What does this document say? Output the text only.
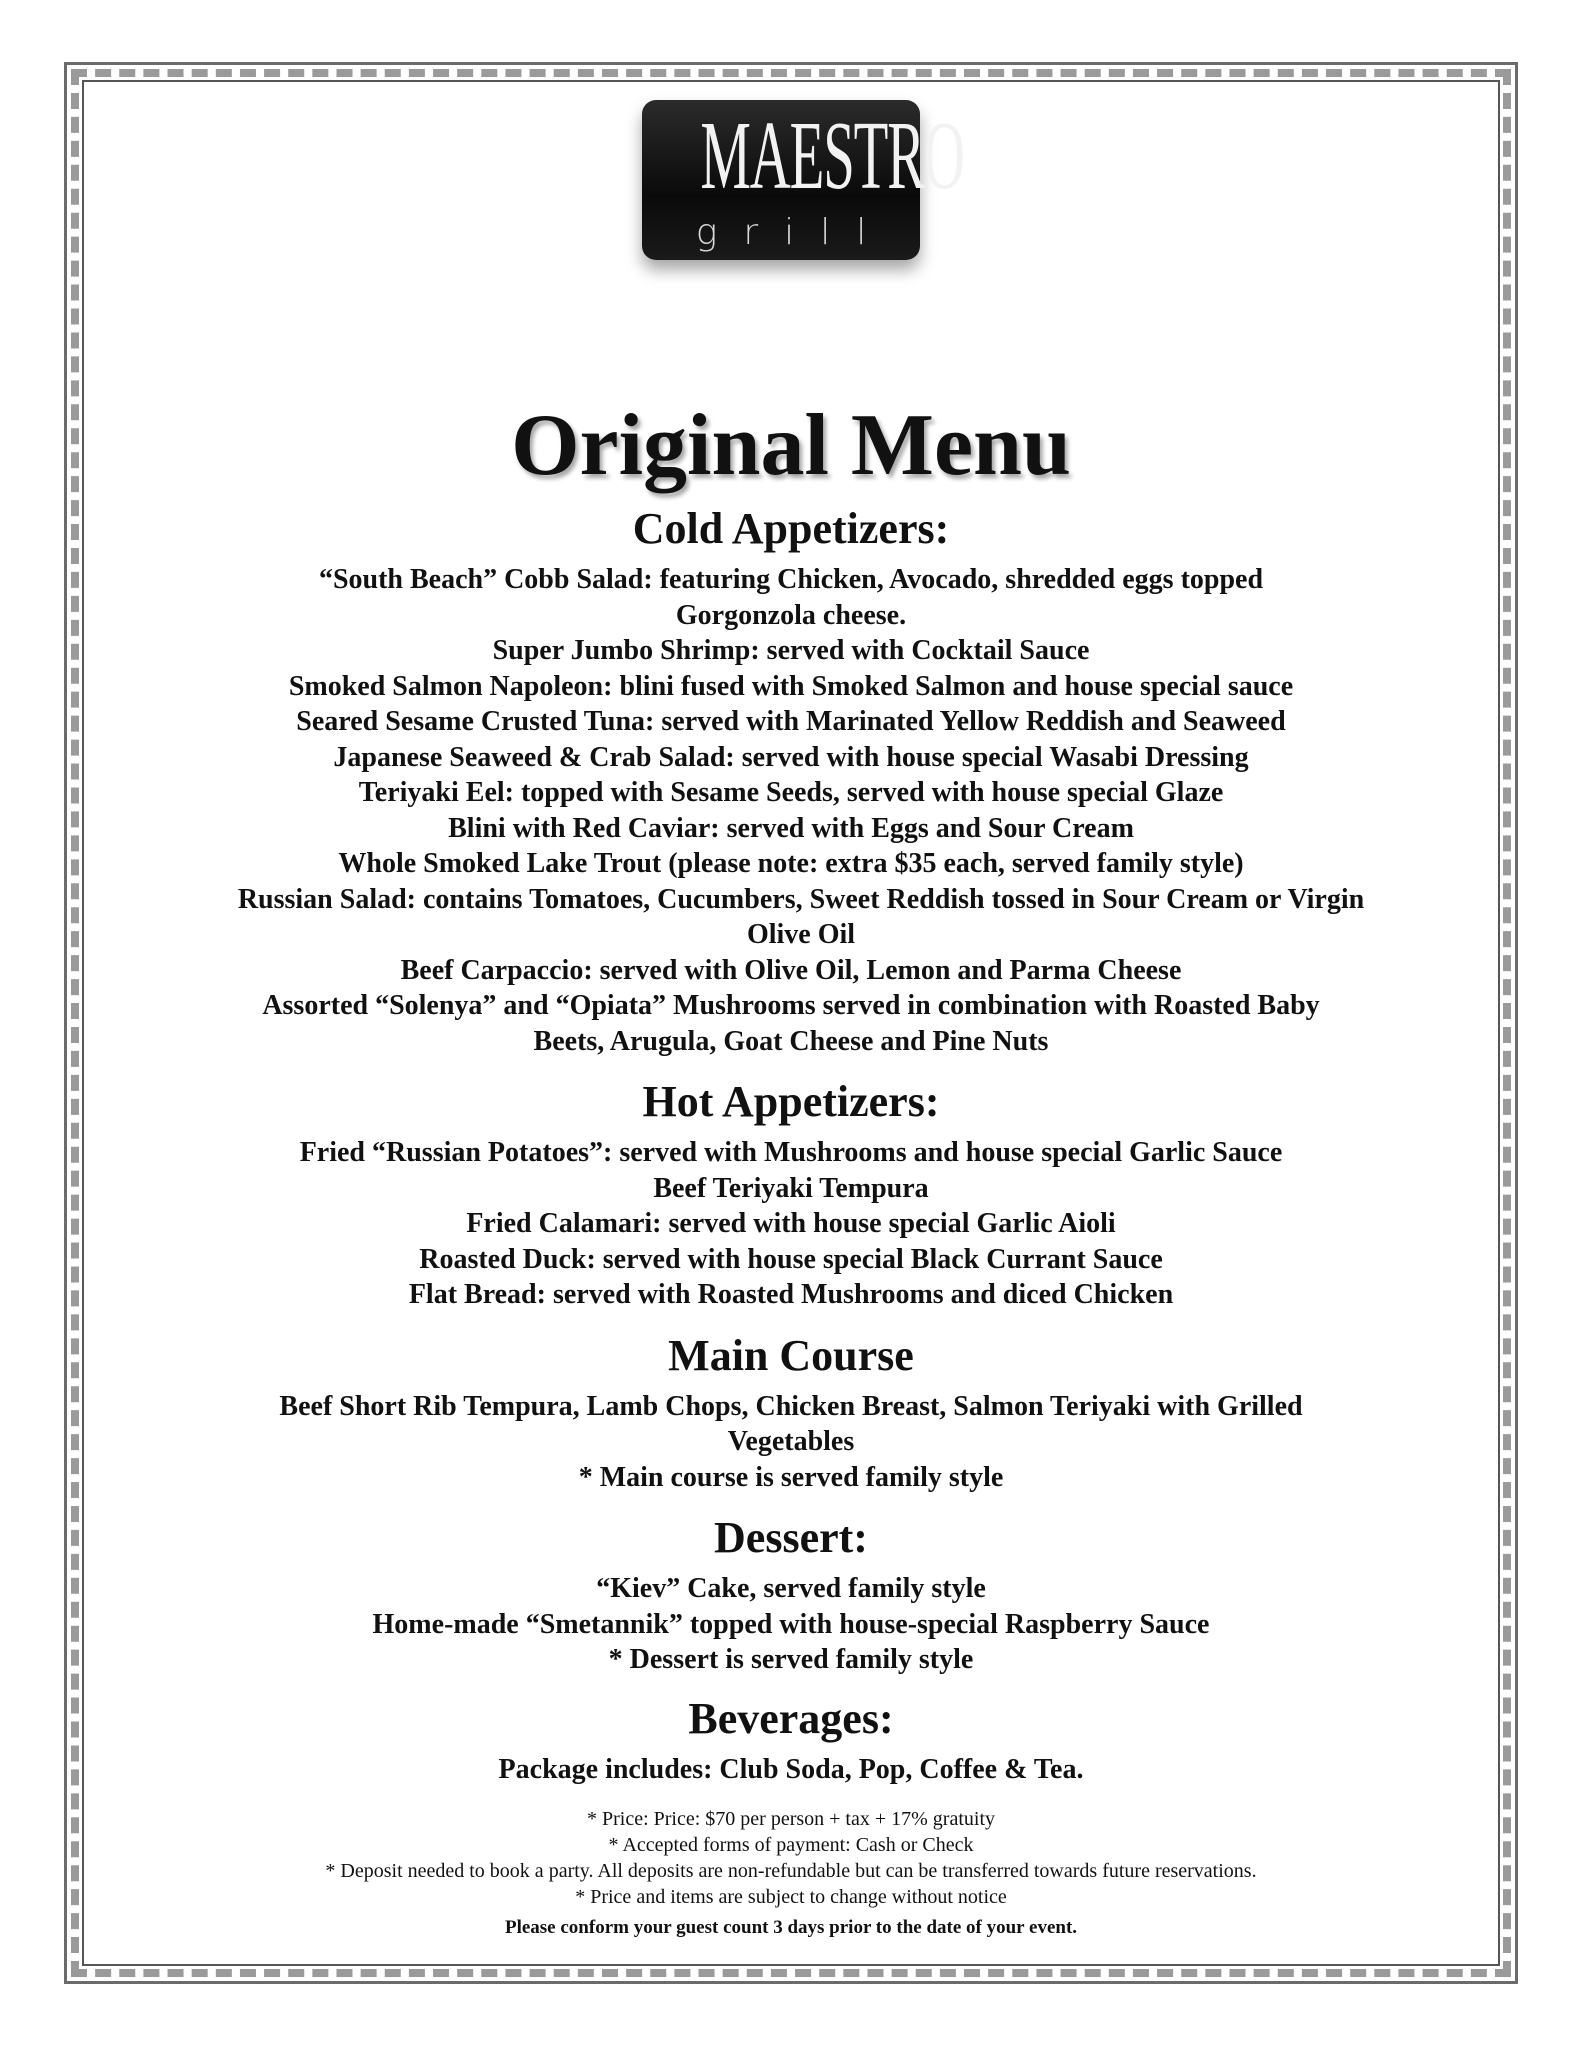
MAESTRO
grill
Original Menu
Cold Appetizers:
“South Beach” Cobb Salad: featuring Chicken, Avocado, shredded eggs topped Gorgonzola cheese.
Super Jumbo Shrimp: served with Cocktail Sauce
Smoked Salmon Napoleon: blini fused with Smoked Salmon and house special sauce
Seared Sesame Crusted Tuna: served with Marinated Yellow Reddish and Seaweed
Japanese Seaweed & Crab Salad: served with house special Wasabi Dressing
Teriyaki Eel: topped with Sesame Seeds, served with house special Glaze
Blini with Red Caviar: served with Eggs and Sour Cream
Whole Smoked Lake Trout (please note: extra $35 each, served family style)
Russian Salad: contains Tomatoes, Cucumbers, Sweet Reddish tossed in Sour Cream or Virgin Olive Oil
Beef Carpaccio: served with Olive Oil, Lemon and Parma Cheese
Assorted “Solenya” and “Opiata” Mushrooms served in combination with Roasted Baby Beets, Arugula, Goat Cheese and Pine Nuts
Hot Appetizers:
Fried “Russian Potatoes”: served with Mushrooms and house special Garlic Sauce
Beef Teriyaki Tempura
Fried Calamari: served with house special Garlic Aioli
Roasted Duck: served with house special Black Currant Sauce
Flat Bread: served with Roasted Mushrooms and diced Chicken
Main Course
Beef Short Rib Tempura, Lamb Chops, Chicken Breast, Salmon Teriyaki with Grilled Vegetables
* Main course is served family style
Dessert:
“Kiev” Cake, served family style
Home-made “Smetannik” topped with house-special Raspberry Sauce
* Dessert is served family style
Beverages:
Package includes: Club Soda, Pop, Coffee & Tea.
* Price: Price: $70 per person + tax + 17% gratuity
* Accepted forms of payment: Cash or Check
* Deposit needed to book a party. All deposits are non-refundable but can be transferred towards future reservations.
* Price and items are subject to change without notice
Please conform your guest count 3 days prior to the date of your event.
